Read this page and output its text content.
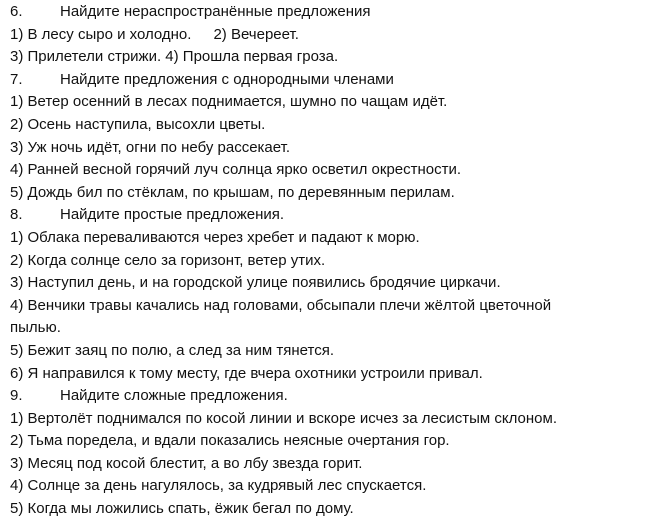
6. Найдите нераспространённые предложения
1) В лесу сыро и холодно. 2) Вечереет.
3) Прилетели стрижи. 4) Прошла первая гроза.
7. Найдите предложения с однородными членами
1) Ветер осенний в лесах поднимается, шумно по чащам идёт.
2) Осень наступила, высохли цветы.
3) Уж ночь идёт, огни по небу рассекает.
4) Ранней весной горячий луч солнца ярко осветил окрестности.
5) Дождь бил по стёклам, по крышам, по деревянным перилам.
8. Найдите простые предложения.
1) Облака переваливаются через хребет и падают к морю.
2) Когда солнце село за горизонт, ветер утих.
3) Наступил день, и на городской улице появились бродячие циркачи.
4) Венчики травы качались над головами, обсыпали плечи жёлтой цветочной
пылью.
5) Бежит заяц по полю, а след за ним тянется.
6) Я направился к тому месту, где вчера охотники устроили привал.
9. Найдите сложные предложения.
1) Вертолёт поднимался по косой линии и вскоре исчез за лесистым склоном.
2) Тьма поредела, и вдали показались неясные очертания гор.
3) Месяц под косой блестит, а во лбу звезда горит.
4) Солнце за день нагулялось, за кудрявый лес спускается.
5) Когда мы ложились спать, ёжик бегал по дому.
